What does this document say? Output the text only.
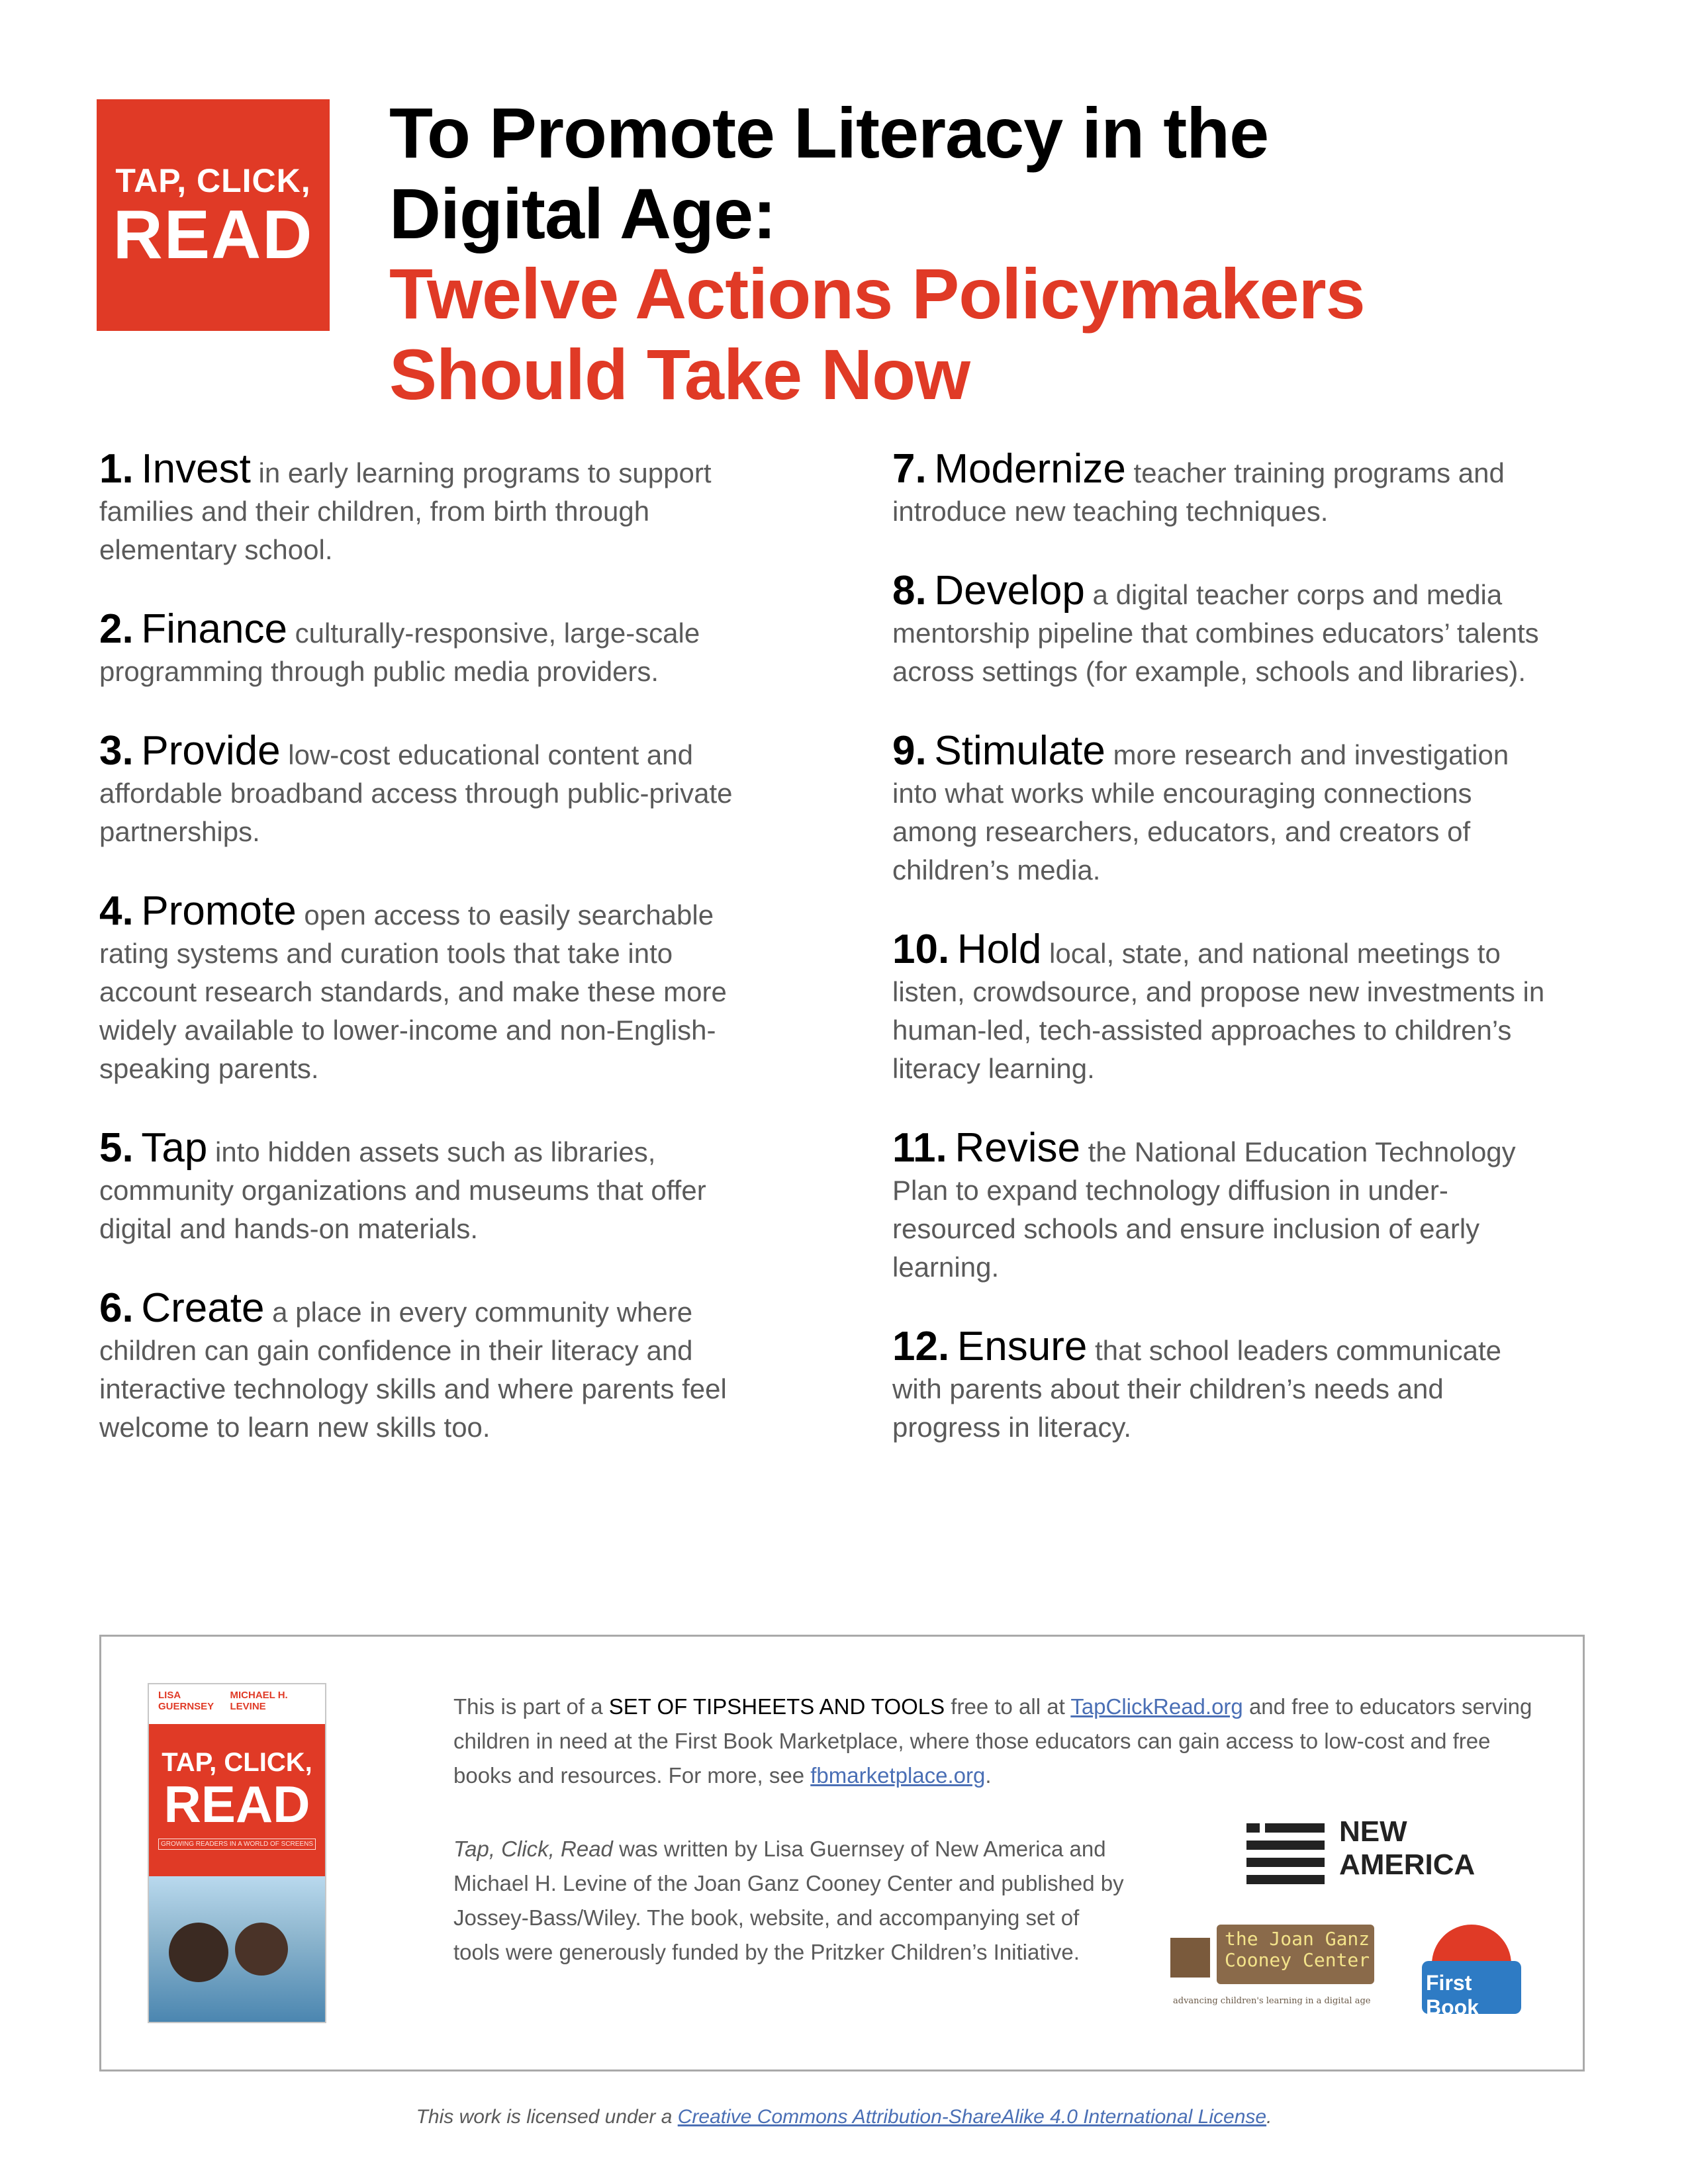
TAP, CLICK,
READ
To Promote Literacy in the
Digital Age:
Twelve Actions Policymakers
Should Take Now

1. Invest in early learning programs to support families and their children, from birth through elementary school.

2. Finance culturally-responsive, large-scale programming through public media providers.

3. Provide low-cost educational content and affordable broadband access through public-private partnerships.

4. Promote open access to easily searchable rating systems and curation tools that take into account research standards, and make these more widely available to lower-income and non-English-speaking parents.

5. Tap into hidden assets such as libraries, community organizations and museums that offer digital and hands-on materials.

6. Create a place in every community where children can gain confidence in their literacy and interactive technology skills and where parents feel welcome to learn new skills too.

7. Modernize teacher training programs and introduce new teaching techniques.

8. Develop a digital teacher corps and media mentorship pipeline that combines educators’ talents across settings (for example, schools and libraries).

9. Stimulate more research and investigation into what works while encouraging connections among researchers, educators, and creators of children’s media.

10. Hold local, state, and national meetings to listen, crowdsource, and propose new investments in human-led, tech-assisted approaches to children’s literacy learning.

11. Revise the National Education Technology Plan to expand technology diffusion in under-resourced schools and ensure inclusion of early learning.

12. Ensure that school leaders communicate with parents about their children’s needs and progress in literacy.

LISA GUERNSEY
MICHAEL H. LEVINE
TAP, CLICK,
READ
GROWING READERS IN A WORLD OF SCREENS

This is part of a SET OF TIPSHEETS AND TOOLS free to all at TapClickRead.org and free to educators serving children in need at the First Book Marketplace, where those educators can gain access to low-cost and free books and resources. For more, see fbmarketplace.org.

Tap, Click, Read was written by Lisa Guernsey of New America and Michael H. Levine of the Joan Ganz Cooney Center and published by Jossey-Bass/Wiley. The book, website, and accompanying set of tools were generously funded by the Pritzker Children’s Initiative.

NEW
AMERICA
the Joan Ganz
Cooney Center
advancing children's learning in a digital age
First Book
This work is licensed under a Creative Commons Attribution-ShareAlike 4.0 International License.
